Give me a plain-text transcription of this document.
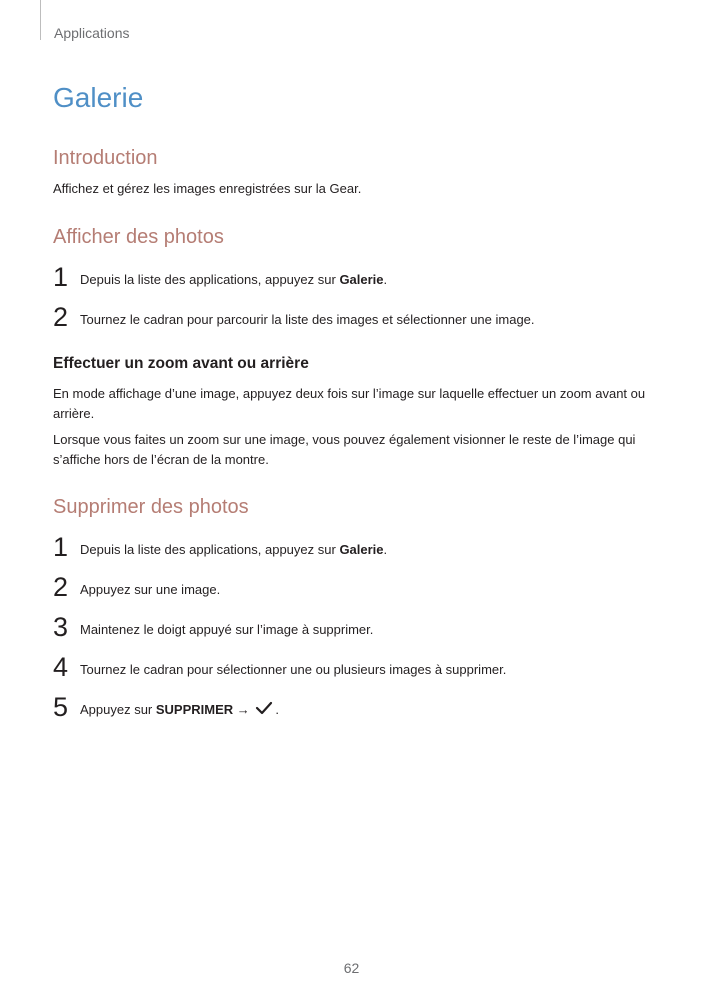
Applications
Galerie
Introduction

Affichez et gérez les images enregistrées sur la Gear.

Afficher des photos
1 Depuis la liste des applications, appuyez sur Galerie.
2 Tournez le cadran pour parcourir la liste des images et sélectionner une image.
Effectuer un zoom avant ou arrière

En mode affichage d’une image, appuyez deux fois sur l’image sur laquelle effectuer un zoom avant ou arrière.

Lorsque vous faites un zoom sur une image, vous pouvez également visionner le reste de l’image qui s’affiche hors de l’écran de la montre.

Supprimer des photos
1 Depuis la liste des applications, appuyez sur Galerie.
2 Appuyez sur une image.
3 Maintenez le doigt appuyé sur l’image à supprimer.
4 Tournez le cadran pour sélectionner une ou plusieurs images à supprimer.
5 Appuyez sur SUPPRIMER → .
62
